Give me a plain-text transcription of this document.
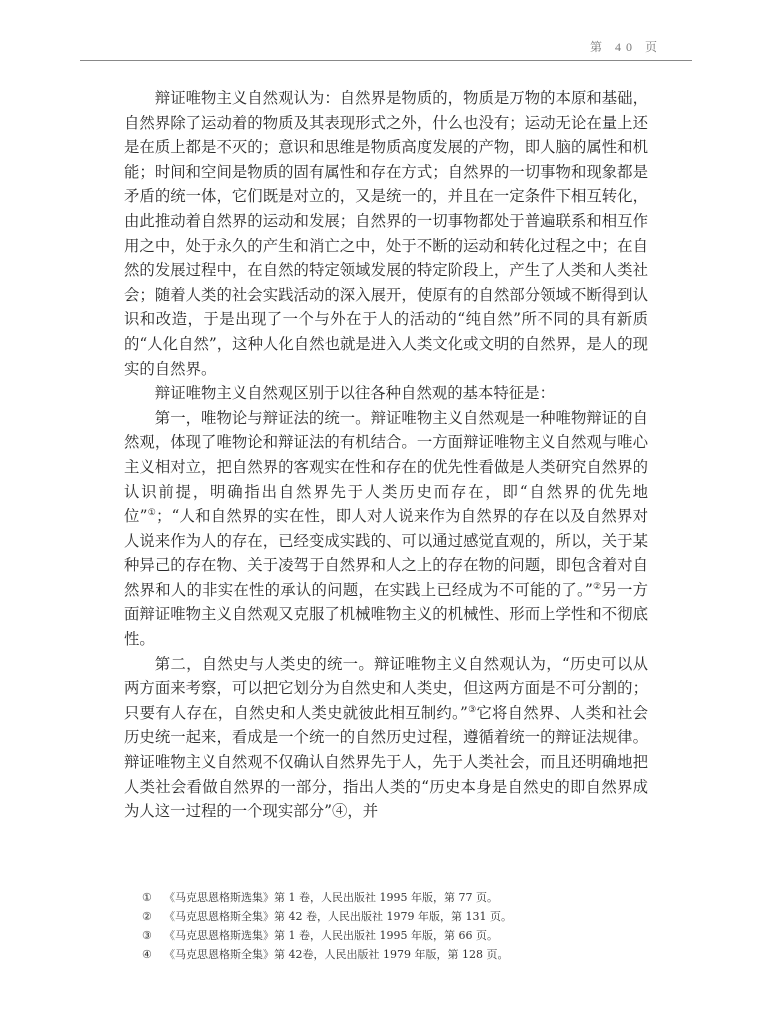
第 40 页

辩证唯物主义自然观认为：自然界是物质的，物质是万物的本原和基础，自然界除了运动着的物质及其表现形式之外，什么也没有；运动无论在量上还是在质上都是不灭的；意识和思维是物质高度发展的产物，即人脑的属性和机能；时间和空间是物质的固有属性和存在方式；自然界的一切事物和现象都是矛盾的统一体，它们既是对立的，又是统一的，并且在一定条件下相互转化，由此推动着自然界的运动和发展；自然界的一切事物都处于普遍联系和相互作用之中，处于永久的产生和消亡之中，处于不断的运动和转化过程之中；在自然的发展过程中，在自然的特定领域发展的特定阶段上，产生了人类和人类社会；随着人类的社会实践活动的深入展开，使原有的自然部分领域不断得到认识和改造，于是出现了一个与外在于人的活动的“纯自然”所不同的具有新质的“人化自然”，这种人化自然也就是进入人类文化或文明的自然界，是人的现实的自然界。

辩证唯物主义自然观区别于以往各种自然观的基本特征是：

第一，唯物论与辩证法的统一。辩证唯物主义自然观是一种唯物辩证的自然观，体现了唯物论和辩证法的有机结合。一方面辩证唯物主义自然观与唯心主义相对立，把自然界的客观实在性和存在的优先性看做是人类研究自然界的认识前提，明确指出自然界先于人类历史而存在，即“自然界的优先地位”①；“人和自然界的实在性，即人对人说来作为自然界的存在以及自然界对人说来作为人的存在，已经变成实践的、可以通过感觉直观的，所以，关于某种异己的存在物、关于凌驾于自然界和人之上的存在物的问题，即包含着对自然界和人的非实在性的承认的问题，在实践上已经成为不可能的了。”②另一方面辩证唯物主义自然观又克服了机械唯物主义的机械性、形而上学性和不彻底性。

第二，自然史与人类史的统一。辩证唯物主义自然观认为，“历史可以从两方面来考察，可以把它划分为自然史和人类史，但这两方面是不可分割的；只要有人存在，自然史和人类史就彼此相互制约。”③它将自然界、人类和社会历史统一起来，看成是一个统一的自然历史过程，遵循着统一的辩证法规律。辩证唯物主义自然观不仅确认自然界先于人，先于人类社会，而且还明确地把人类社会看做自然界的一部分，指出人类的“历史本身是自然史的即自然界成为人这一过程的一个现实部分”④，并

① 《马克思恩格斯选集》第 1 卷，人民出版社 1995 年版，第 77 页。
② 《马克思恩格斯全集》第 42 卷，人民出版社 1979 年版，第 131 页。
③ 《马克思恩格斯选集》第 1 卷，人民出版社 1995 年版，第 66 页。
④ 《马克思恩格斯全集》第 42卷，人民出版社 1979 年版，第 128 页。
